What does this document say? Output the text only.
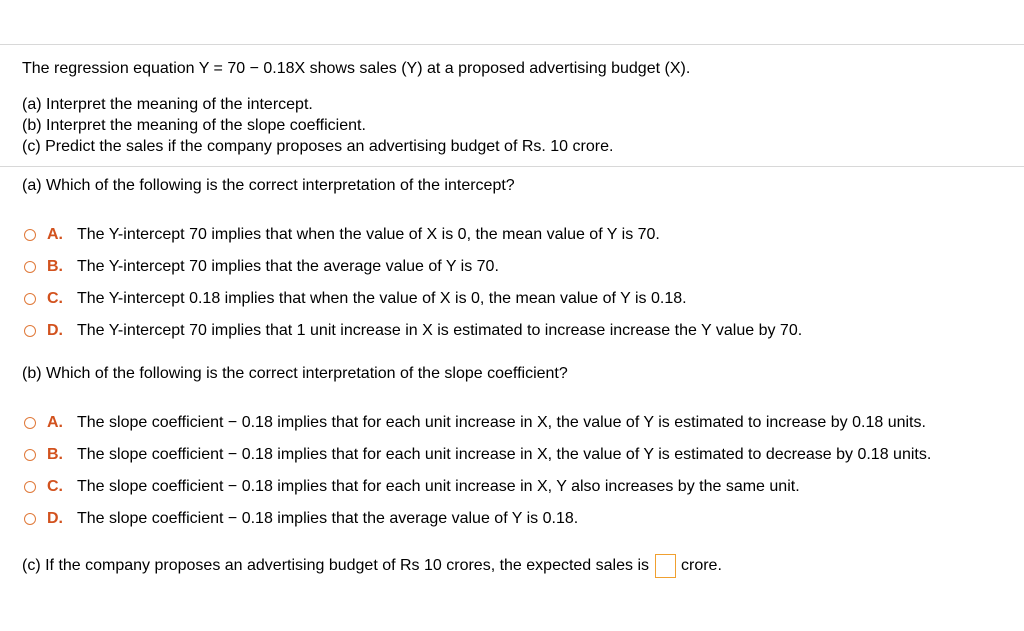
The regression equation Y = 70 − 0.18X shows sales (Y) at a proposed advertising budget (X).
(a) Interpret the meaning of the intercept.
(b) Interpret the meaning of the slope coefficient.
(c) Predict the sales if the company proposes an advertising budget of Rs. 10 crore.
(a) Which of the following is the correct interpretation of the intercept?
A. The Y-intercept 70 implies that when the value of X is 0, the mean value of Y is 70.
B. The Y-intercept 70 implies that the average value of Y is 70.
C. The Y-intercept 0.18 implies that when the value of X is 0, the mean value of Y is 0.18.
D. The Y-intercept 70 implies that 1 unit increase in X is estimated to increase increase the Y value by 70.
(b) Which of the following is the correct interpretation of the slope coefficient?
A. The slope coefficient − 0.18 implies that for each unit increase in X, the value of Y is estimated to increase by 0.18 units.
B. The slope coefficient − 0.18 implies that for each unit increase in X, the value of Y is estimated to decrease by 0.18 units.
C. The slope coefficient − 0.18 implies that for each unit increase in X, Y also increases by the same unit.
D. The slope coefficient − 0.18 implies that the average value of Y is 0.18.
(c) If the company proposes an advertising budget of Rs 10 crores, the expected sales is crore.
